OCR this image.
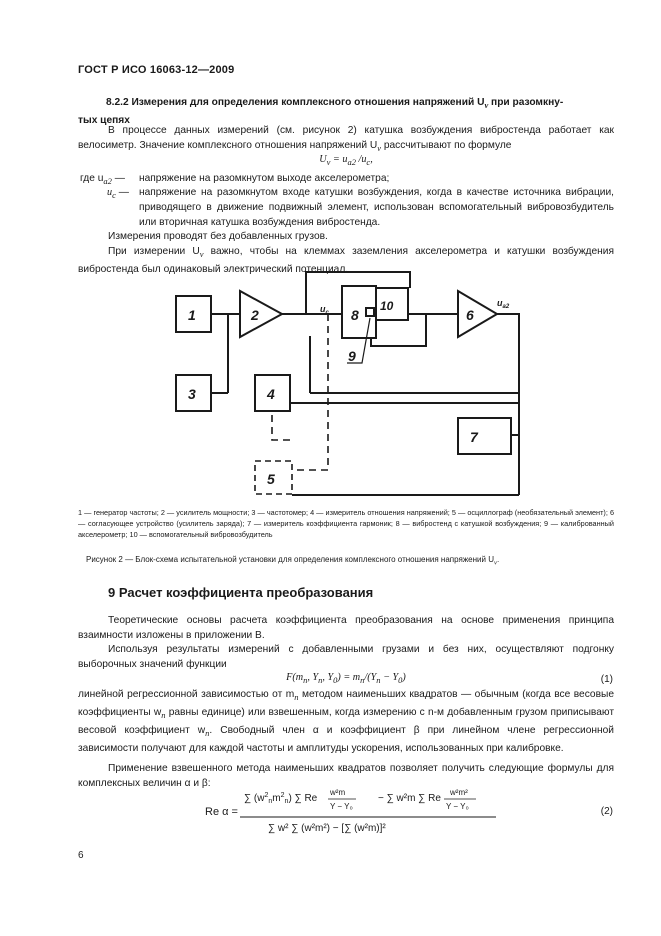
ГОСТ Р ИСО 16063-12—2009
8.2.2 Измерения для определения комплексного отношения напряжений $U_v$ при разомкну-
тых цепях
В процессе данных измерений (см. рисунок 2) катушка возбуждения вибростенда работает как велосиметр. Значение комплексного отношения напряжений $U_v$ рассчитывают по формуле
$U_v = u_{a2}$ $/u_c$,
где $u_{a2}$ — напряжение на разомкнутом выходе акселерометра;
$u_c$ — напряжение на разомкнутом входе катушки возбуждения, когда в качестве источника вибрации, приводящего в движение подвижный элемент, использован вспомогательный вибровозбудитель или вторичная катушка возбуждения вибростенда.
Измерения проводят без добавленных грузов.
При измерении $U_v$ важно, чтобы на клеммах заземления акселерометра и катушки возбуждения вибростенда был одинаковый электрический потенциал.
1	2
3	4
5
6
7
8
9
10
$u_c$
$u_{a2}$
1 — генератор частоты; 2 — усилитель мощности; 3 — частотомер; 4 — измеритель отношения напряжений; 5 — осциллограф (необязательный элемент); 6 — согласующее устройство (усилитель заряда); 7 — измеритель коэффициента гармоник; 8 — вибростенд с катушкой возбуждения; 9 — калиброванный акселерометр; 10 — вспомогательный вибровозбудитель
Рисунок 2 — Блок-схема испытательной установки для определения комплексного отношения напряжений $U_v$.
9 Расчет коэффициента преобразования
Теоретические основы расчета коэффициента преобразования на основе применения принципа взаимности изложены в приложении В.
Используя результаты измерений с добавленными грузами и без них, осуществляют подгонку выборочных значений функции
$F(m_n$, $Y_n$, $Y_0) = m_n/(Y_n - Y_0)$	(1)
линейной регрессионной зависимостью от $m_n$ методом наименьших квадратов — обычным (когда все весовые коэффициенты $w_n$ равны единице) или взвешенным, когда измерению с n-м добавленным грузом приписывают весовой коэффициент $w_n$. Свободный член α и коэффициент β при линейном члене регрессионной зависимости получают для каждой частоты и амплитуды ускорения, использованных при калибровке.
Применение взвешенного метода наименьших квадратов позволяет получить следующие формулы для комплексных величин α и β:
Re α =
∑ $(w^2_nm^2_n)$ ∑ Re
w²m
Y − Y₀
− ∑ w²m ∑ Re
w²m²
Y − Y₀
∑ w² ∑ (w²m²) − [∑ (w²m)]²
(2)
6
